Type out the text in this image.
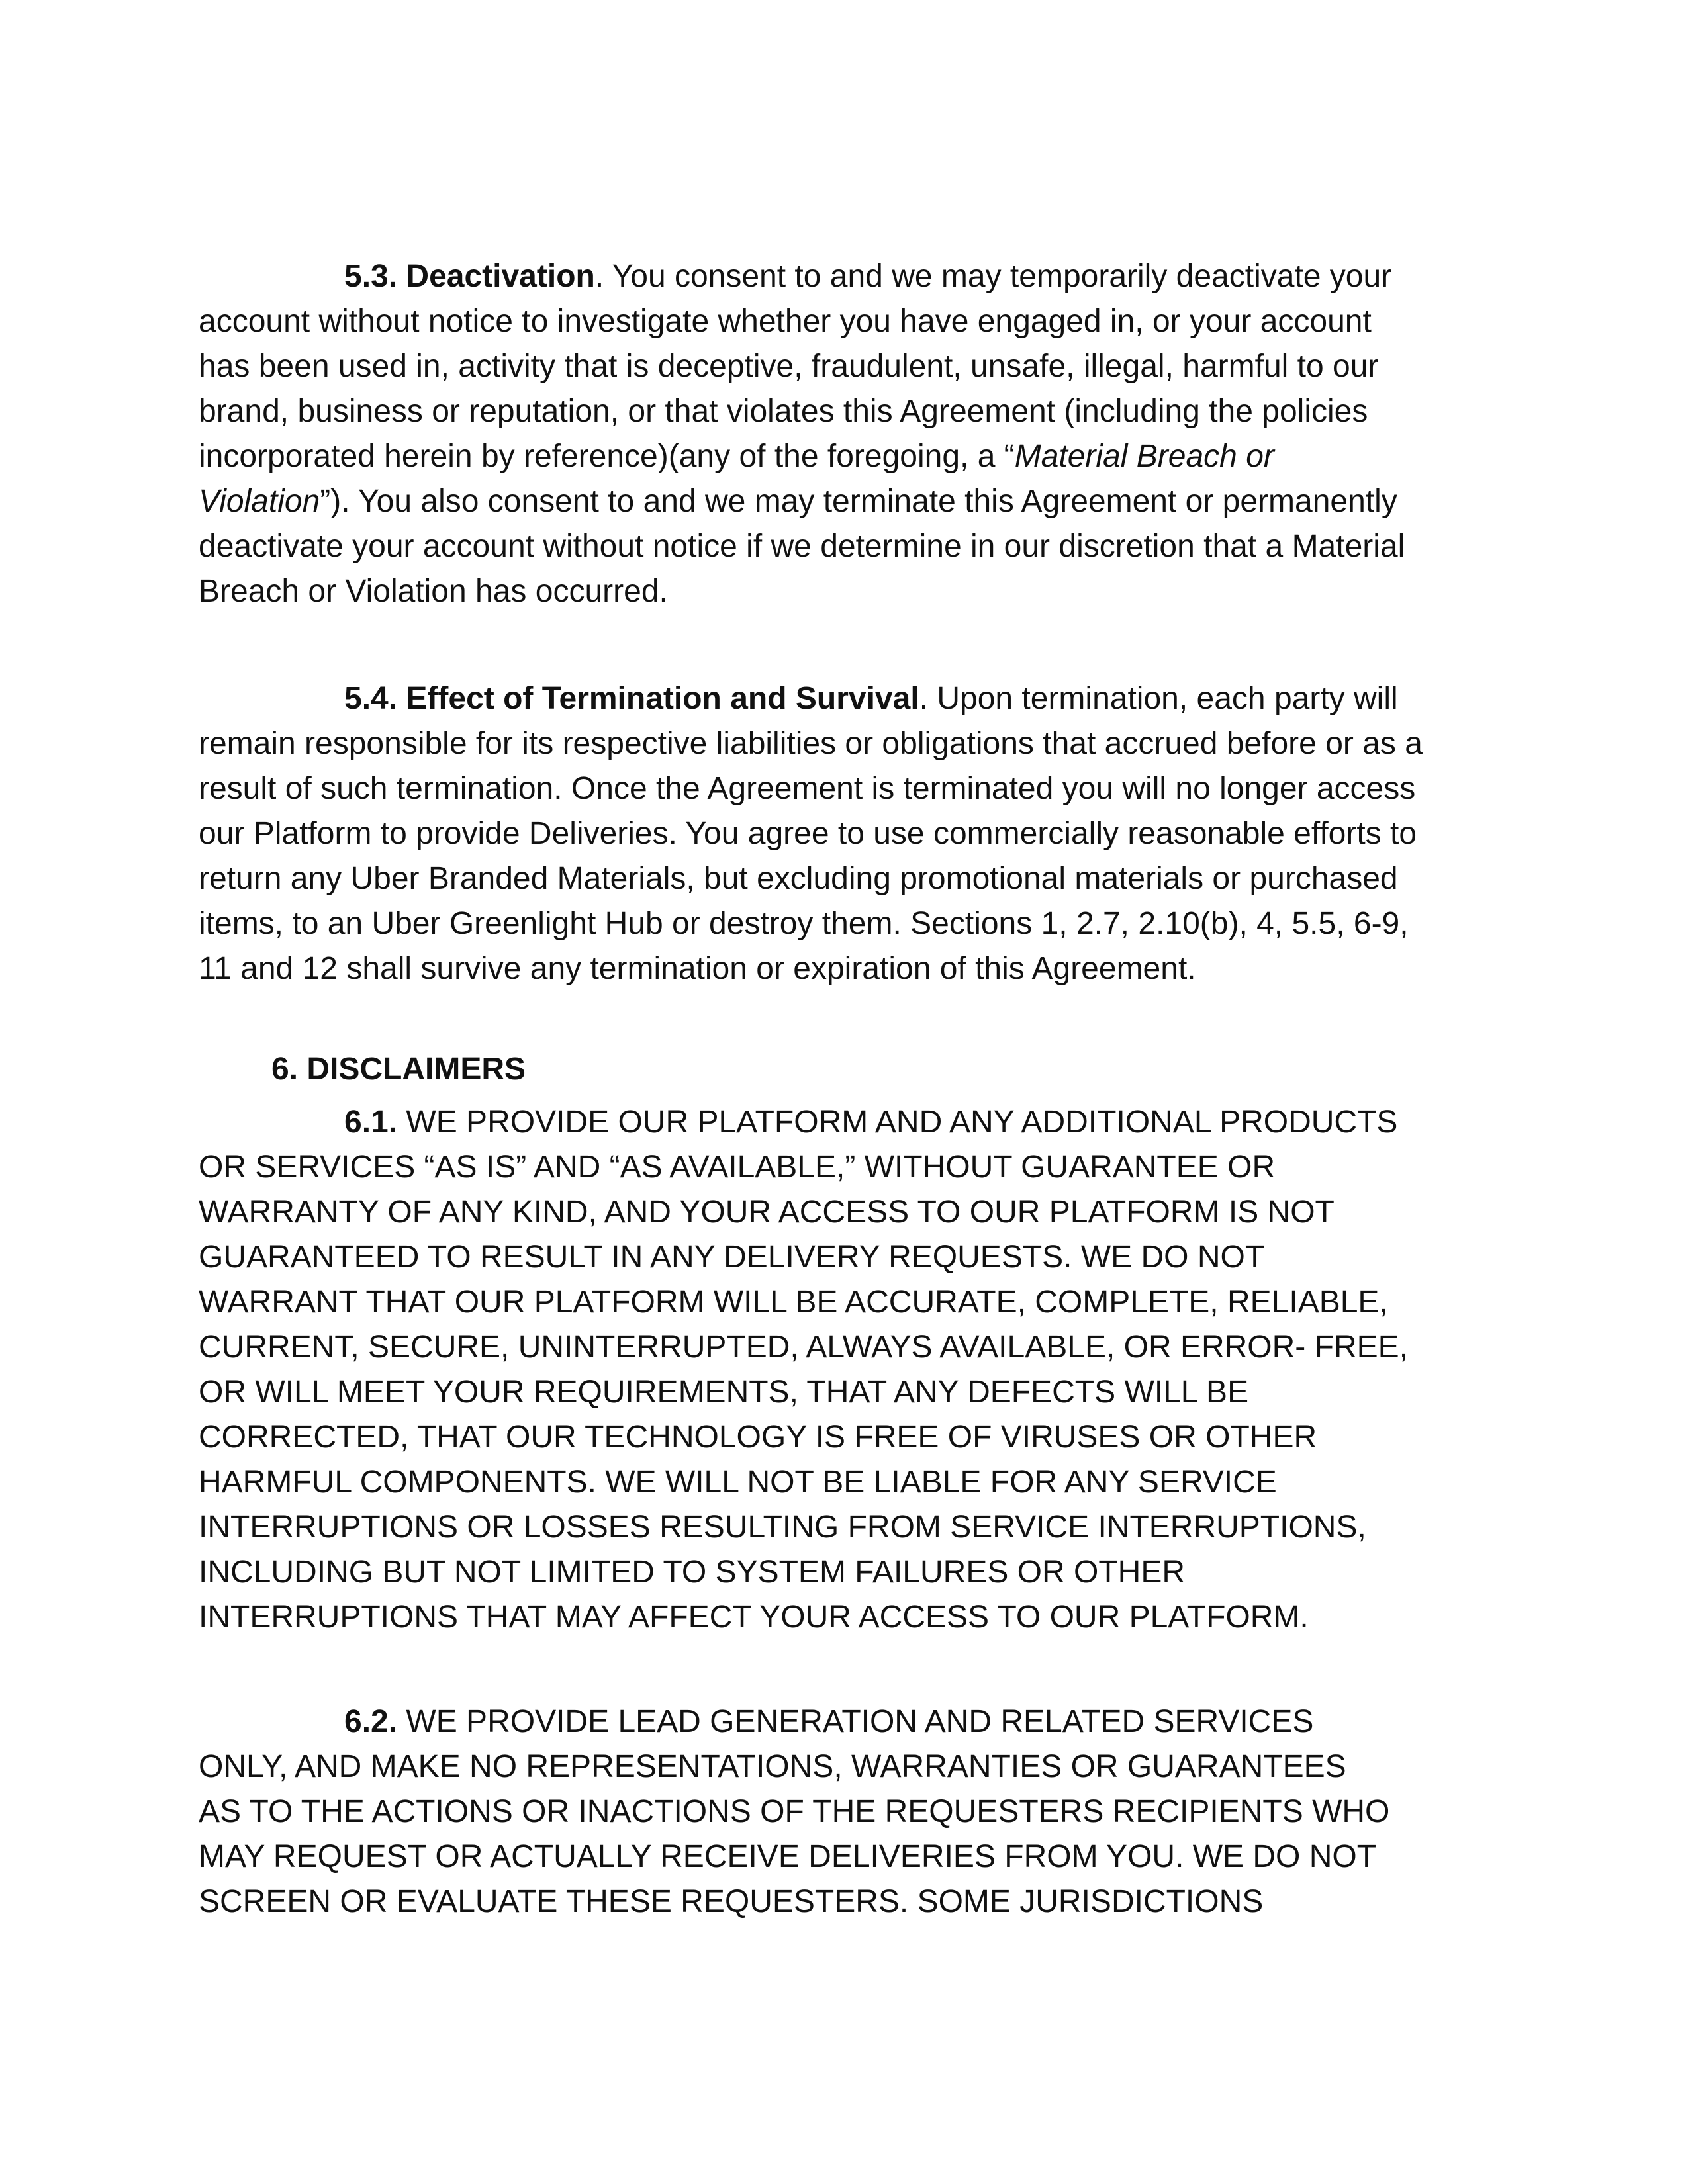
5.3. Deactivation. You consent to and we may temporarily deactivate your
account without notice to investigate whether you have engaged in, or your account
has been used in, activity that is deceptive, fraudulent, unsafe, illegal, harmful to our
brand, business or reputation, or that violates this Agreement (including the policies
incorporated herein by reference)(any of the foregoing, a “Material Breach or
Violation”). You also consent to and we may terminate this Agreement or permanently
deactivate your account without notice if we determine in our discretion that a Material
Breach or Violation has occurred.
5.4. Effect of Termination and Survival. Upon termination, each party will
remain responsible for its respective liabilities or obligations that accrued before or as a
result of such termination. Once the Agreement is terminated you will no longer access
our Platform to provide Deliveries. You agree to use commercially reasonable efforts to
return any Uber Branded Materials, but excluding promotional materials or purchased
items, to an Uber Greenlight Hub or destroy them. Sections 1, 2.7, 2.10(b), 4, 5.5, 6-9,
11 and 12 shall survive any termination or expiration of this Agreement.
6. DISCLAIMERS
6.1. WE PROVIDE OUR PLATFORM AND ANY ADDITIONAL PRODUCTS
OR SERVICES “AS IS” AND “AS AVAILABLE,” WITHOUT GUARANTEE OR
WARRANTY OF ANY KIND, AND YOUR ACCESS TO OUR PLATFORM IS NOT
GUARANTEED TO RESULT IN ANY DELIVERY REQUESTS. WE DO NOT
WARRANT THAT OUR PLATFORM WILL BE ACCURATE, COMPLETE, RELIABLE,
CURRENT, SECURE, UNINTERRUPTED, ALWAYS AVAILABLE, OR ERROR- FREE,
OR WILL MEET YOUR REQUIREMENTS, THAT ANY DEFECTS WILL BE
CORRECTED, THAT OUR TECHNOLOGY IS FREE OF VIRUSES OR OTHER
HARMFUL COMPONENTS. WE WILL NOT BE LIABLE FOR ANY SERVICE
INTERRUPTIONS OR LOSSES RESULTING FROM SERVICE INTERRUPTIONS,
INCLUDING BUT NOT LIMITED TO SYSTEM FAILURES OR OTHER
INTERRUPTIONS THAT MAY AFFECT YOUR ACCESS TO OUR PLATFORM.
6.2. WE PROVIDE LEAD GENERATION AND RELATED SERVICES
ONLY, AND MAKE NO REPRESENTATIONS, WARRANTIES OR GUARANTEES
AS TO THE ACTIONS OR INACTIONS OF THE REQUESTERS RECIPIENTS WHO
MAY REQUEST OR ACTUALLY RECEIVE DELIVERIES FROM YOU. WE DO NOT
SCREEN OR EVALUATE THESE REQUESTERS. SOME JURISDICTIONS
